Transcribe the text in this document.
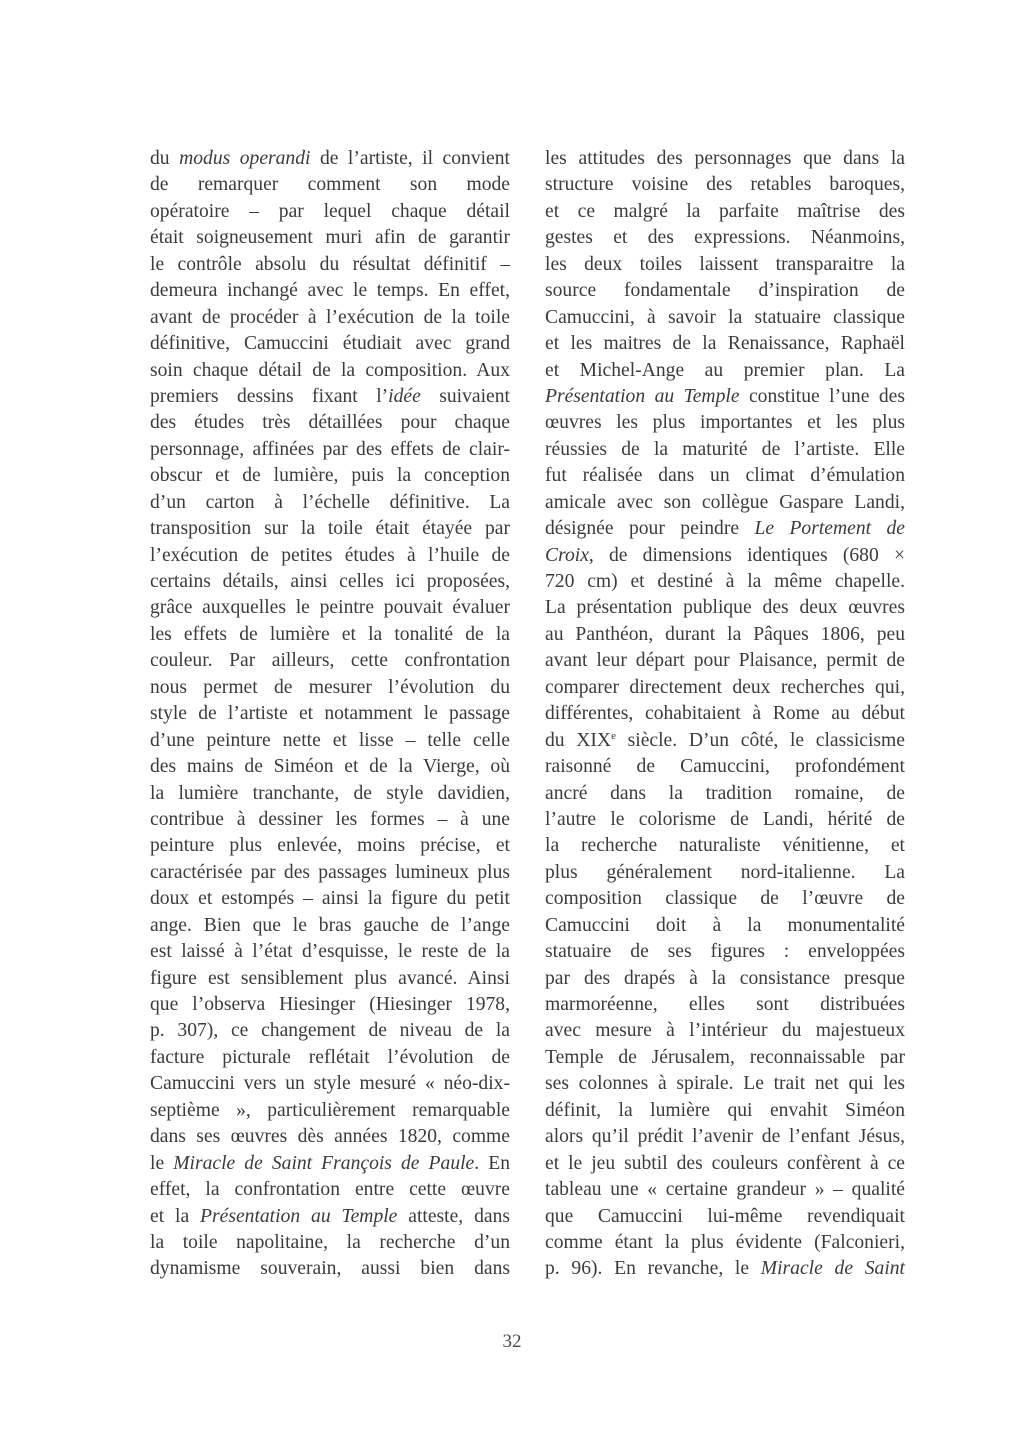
du modus operandi de l’artiste, il convient
de remarquer comment son mode
opératoire – par lequel chaque détail
était soigneusement muri afin de garantir
le contrôle absolu du résultat définitif –
demeura inchangé avec le temps. En effet,
avant de procéder à l’exécution de la toile
définitive, Camuccini étudiait avec grand
soin chaque détail de la composition. Aux
premiers dessins fixant l’idée suivaient
des études très détaillées pour chaque
personnage, affinées par des effets de clair-
obscur et de lumière, puis la conception
d’un carton à l’échelle définitive. La
transposition sur la toile était étayée par
l’exécution de petites études à l’huile de
certains détails, ainsi celles ici proposées,
grâce auxquelles le peintre pouvait évaluer
les effets de lumière et la tonalité de la
couleur. Par ailleurs, cette confrontation
nous permet de mesurer l’évolution du
style de l’artiste et notamment le passage
d’une peinture nette et lisse – telle celle
des mains de Siméon et de la Vierge, où
la lumière tranchante, de style davidien,
contribue à dessiner les formes – à une
peinture plus enlevée, moins précise, et
caractérisée par des passages lumineux plus
doux et estompés – ainsi la figure du petit
ange. Bien que le bras gauche de l’ange
est laissé à l’état d’esquisse, le reste de la
figure est sensiblement plus avancé. Ainsi
que l’observa Hiesinger (Hiesinger 1978,
p. 307), ce changement de niveau de la
facture picturale reflétait l’évolution de
Camuccini vers un style mesuré « néo-dix-
septième », particulièrement remarquable
dans ses œuvres dès années 1820, comme
le Miracle de Saint François de Paule. En
effet, la confrontation entre cette œuvre
et la Présentation au Temple atteste, dans
la toile napolitaine, la recherche d’un
dynamisme souverain, aussi bien dans
les attitudes des personnages que dans la
structure voisine des retables baroques,
et ce malgré la parfaite maîtrise des
gestes et des expressions. Néanmoins,
les deux toiles laissent transparaitre la
source fondamentale d’inspiration de
Camuccini, à savoir la statuaire classique
et les maitres de la Renaissance, Raphaël
et Michel-Ange au premier plan. La
Présentation au Temple constitue l’une des
œuvres les plus importantes et les plus
réussies de la maturité de l’artiste. Elle
fut réalisée dans un climat d’émulation
amicale avec son collègue Gaspare Landi,
désignée pour peindre Le Portement de
Croix, de dimensions identiques (680 ×
720 cm) et destiné à la même chapelle.
La présentation publique des deux œuvres
au Panthéon, durant la Pâques 1806, peu
avant leur départ pour Plaisance, permit de
comparer directement deux recherches qui,
différentes, cohabitaient à Rome au début
du XIXe siècle. D’un côté, le classicisme
raisonné de Camuccini, profondément
ancré dans la tradition romaine, de
l’autre le colorisme de Landi, hérité de
la recherche naturaliste vénitienne, et
plus généralement nord-italienne. La
composition classique de l’œuvre de
Camuccini doit à la monumentalité
statuaire de ses figures : enveloppées
par des drapés à la consistance presque
marmoréenne, elles sont distribuées
avec mesure à l’intérieur du majestueux
Temple de Jérusalem, reconnaissable par
ses colonnes à spirale. Le trait net qui les
définit, la lumière qui envahit Siméon
alors qu’il prédit l’avenir de l’enfant Jésus,
et le jeu subtil des couleurs confèrent à ce
tableau une « certaine grandeur » – qualité
que Camuccini lui-même revendiquait
comme étant la plus évidente (Falconieri,
p. 96). En revanche, le Miracle de Saint
32
